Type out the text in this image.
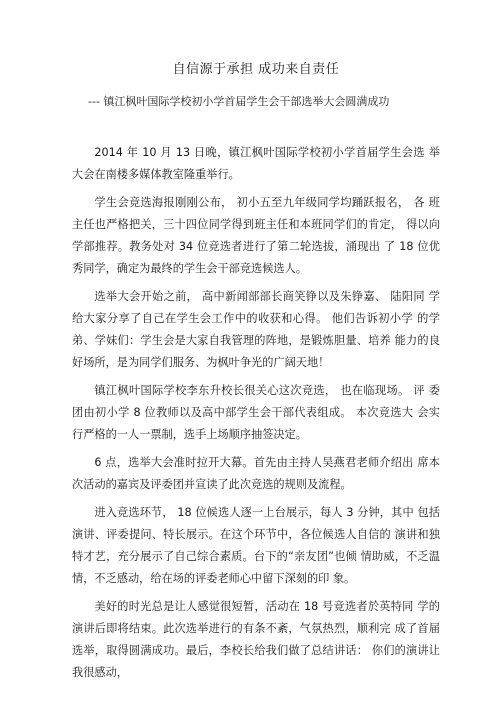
自信源于承担 成功来自责任
--- 镇江枫叶国际学校初小学首届学生会干部选举大会圆满成功

2014 年 10 月 13 日晚，镇江枫叶国际学校初小学首届学生会选 举大会在南楼多媒体教室隆重举行。

学生会竞选海报刚刚公布， 初小五至九年级同学均踊跃报名， 各 班主任也严格把关，三十四位同学得到班主任和本班同学们的肯定， 得以向学部推荐。教务处对 34 位竞选者进行了第二轮选拔，涌现出 了 18 位优秀同学，确定为最终的学生会干部竞选候选人。

选举大会开始之前， 高中新闻部部长商笑铮以及朱铮嘉、 陆阳同 学给大家分享了自己在学生会工作中的收获和心得。 他们告诉初小学 的学弟、学妹们：学生会是大家自我管理的阵地，是锻炼胆量、培养 能力的良好场所，是为同学们服务、为枫叶争光的广阔天地！

镇江枫叶国际学校李东升校长很关心这次竞选， 也在临现场。 评 委团由初小学 8 位教师以及高中部学生会干部代表组成。 本次竞选大 会实行严格的一人一票制，选手上场顺序抽签决定。

6 点，选举大会准时拉开大幕。首先由主持人吴燕君老师介绍出 席本次活动的嘉宾及评委团并宣读了此次竞选的规则及流程。

进入竞选环节， 18 位候选人逐一上台展示，每人 3 分钟，其中 包括演讲、评委提问、特长展示。在这个环节中，各位候选人自信的 演讲和独特才艺，充分展示了自己综合素质。台下的“亲友团”也倾 情助威，不乏温情，不乏感动，给在场的评委老师心中留下深刻的印 象。

美好的时光总是让人感觉很短暂，活动在 18 号竞选者於英特同 学的演讲后即将结束。此次选举进行的有条不紊，气氛热烈，顺利完 成了首届选举，取得圆满成功。最后，李校长给我们做了总结讲话： 你们的演讲让我很感动，
